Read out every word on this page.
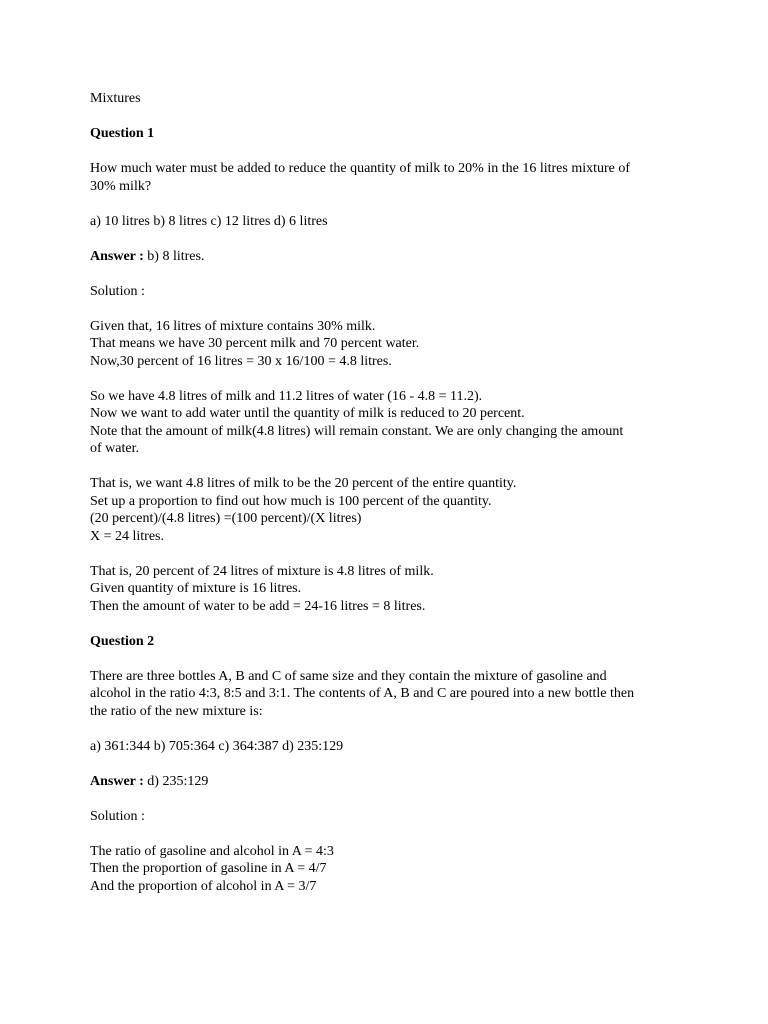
Mixtures
Question 1
How much water must be added to reduce the quantity of milk to 20% in the 16 litres mixture of
30% milk?
a) 10 litres b) 8 litres c) 12 litres d) 6 litres
Answer : b) 8 litres.
Solution :
Given that, 16 litres of mixture contains 30% milk.
That means we have 30 percent milk and 70 percent water.
Now,30 percent of 16 litres = 30 x 16/100 = 4.8 litres.
So we have 4.8 litres of milk and 11.2 litres of water (16 - 4.8 = 11.2).
Now we want to add water until the quantity of milk is reduced to 20 percent.
Note that the amount of milk(4.8 litres) will remain constant. We are only changing the amount
of water.
That is, we want 4.8 litres of milk to be the 20 percent of the entire quantity.
Set up a proportion to find out how much is 100 percent of the quantity.
(20 percent)/(4.8 litres) =(100 percent)/(X litres)
X = 24 litres.
That is, 20 percent of 24 litres of mixture is 4.8 litres of milk.
Given quantity of mixture is 16 litres.
Then the amount of water to be add = 24-16 litres = 8 litres.
Question 2
There are three bottles A, B and C of same size and they contain the mixture of gasoline and
alcohol in the ratio 4:3, 8:5 and 3:1. The contents of A, B and C are poured into a new bottle then
the ratio of the new mixture is:
a) 361:344 b) 705:364 c) 364:387 d) 235:129
Answer : d) 235:129
Solution :
The ratio of gasoline and alcohol in A = 4:3
Then the proportion of gasoline in A = 4/7
And the proportion of alcohol in A = 3/7
